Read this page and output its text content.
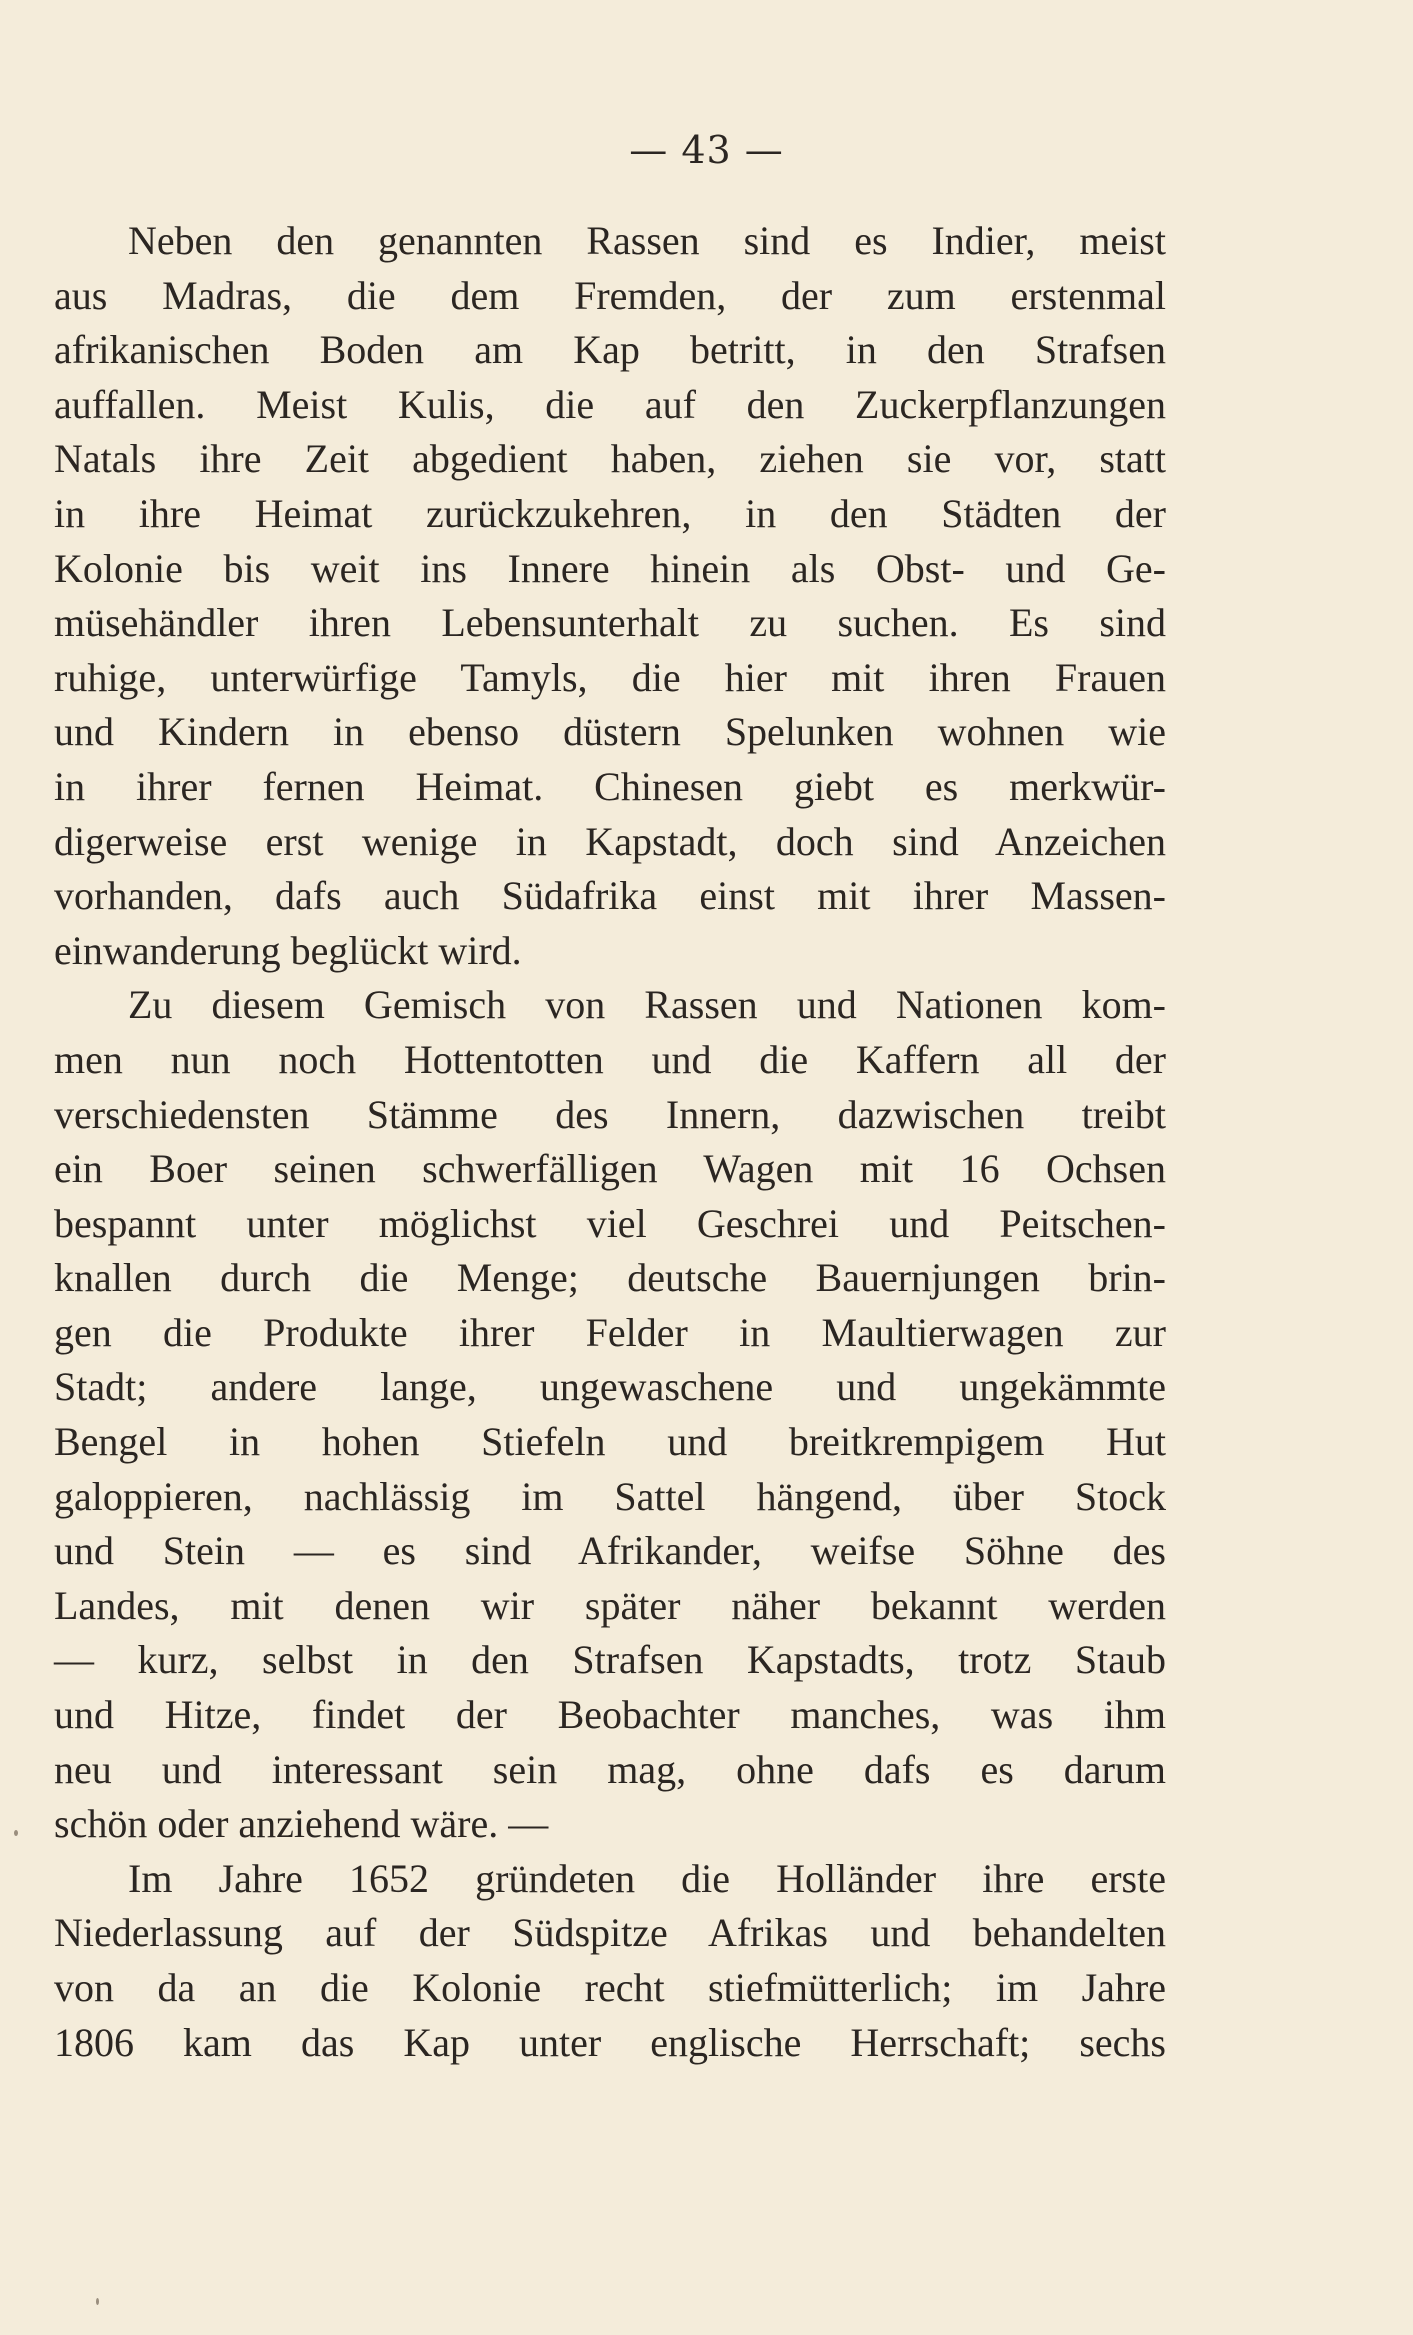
— 43 —
Neben den genannten Rassen sind es Indier, meist
aus Madras, die dem Fremden, der zum erstenmal
afrikanischen Boden am Kap betritt, in den Strafsen
auffallen. Meist Kulis, die auf den Zuckerpflanzungen
Natals ihre Zeit abgedient haben, ziehen sie vor, statt
in ihre Heimat zurückzukehren, in den Städten der
Kolonie bis weit ins Innere hinein als Obst- und Ge-
müsehändler ihren Lebensunterhalt zu suchen. Es sind
ruhige, unterwürfige Tamyls, die hier mit ihren Frauen
und Kindern in ebenso düstern Spelunken wohnen wie
in ihrer fernen Heimat. Chinesen giebt es merkwür-
digerweise erst wenige in Kapstadt, doch sind Anzeichen
vorhanden, dafs auch Südafrika einst mit ihrer Massen-
einwanderung beglückt wird.
Zu diesem Gemisch von Rassen und Nationen kom-
men nun noch Hottentotten und die Kaffern all der
verschiedensten Stämme des Innern, dazwischen treibt
ein Boer seinen schwerfälligen Wagen mit 16 Ochsen
bespannt unter möglichst viel Geschrei und Peitschen-
knallen durch die Menge; deutsche Bauernjungen brin-
gen die Produkte ihrer Felder in Maultierwagen zur
Stadt; andere lange, ungewaschene und ungekämmte
Bengel in hohen Stiefeln und breitkrempigem Hut
galoppieren, nachlässig im Sattel hängend, über Stock
und Stein — es sind Afrikander, weifse Söhne des
Landes, mit denen wir später näher bekannt werden
— kurz, selbst in den Strafsen Kapstadts, trotz Staub
und Hitze, findet der Beobachter manches, was ihm
neu und interessant sein mag, ohne dafs es darum
schön oder anziehend wäre. —
Im Jahre 1652 gründeten die Holländer ihre erste
Niederlassung auf der Südspitze Afrikas und behandelten
von da an die Kolonie recht stiefmütterlich; im Jahre
1806 kam das Kap unter englische Herrschaft; sechs
